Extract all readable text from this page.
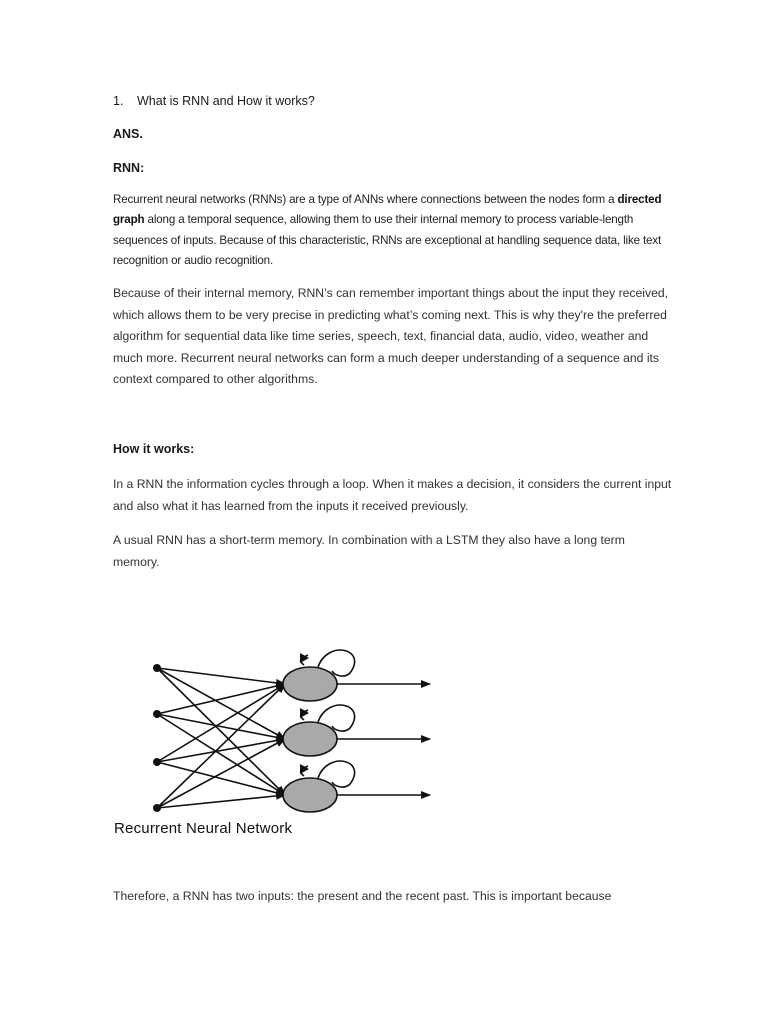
1. What is RNN and How it works?
ANS.
RNN:

Recurrent neural networks (RNNs) are a type of ANNs where connections between the nodes form a directed graph along a temporal sequence, allowing them to use their internal memory to process variable-length sequences of inputs. Because of this characteristic, RNNs are exceptional at handling sequence data, like text recognition or audio recognition.

Because of their internal memory, RNN’s can remember important things about the input they received, which allows them to be very precise in predicting what’s coming next. This is why they're the preferred algorithm for sequential data like time series, speech, text, financial data, audio, video, weather and much more. Recurrent neural networks can form a much deeper understanding of a sequence and its context compared to other algorithms.

How it works:

In a RNN the information cycles through a loop. When it makes a decision, it considers the current input and also what it has learned from the inputs it received previously.

A usual RNN has a short-term memory. In combination with a LSTM they also have a long term memory.

Recurrent Neural Network

Therefore, a RNN has two inputs: the present and the recent past. This is important because
